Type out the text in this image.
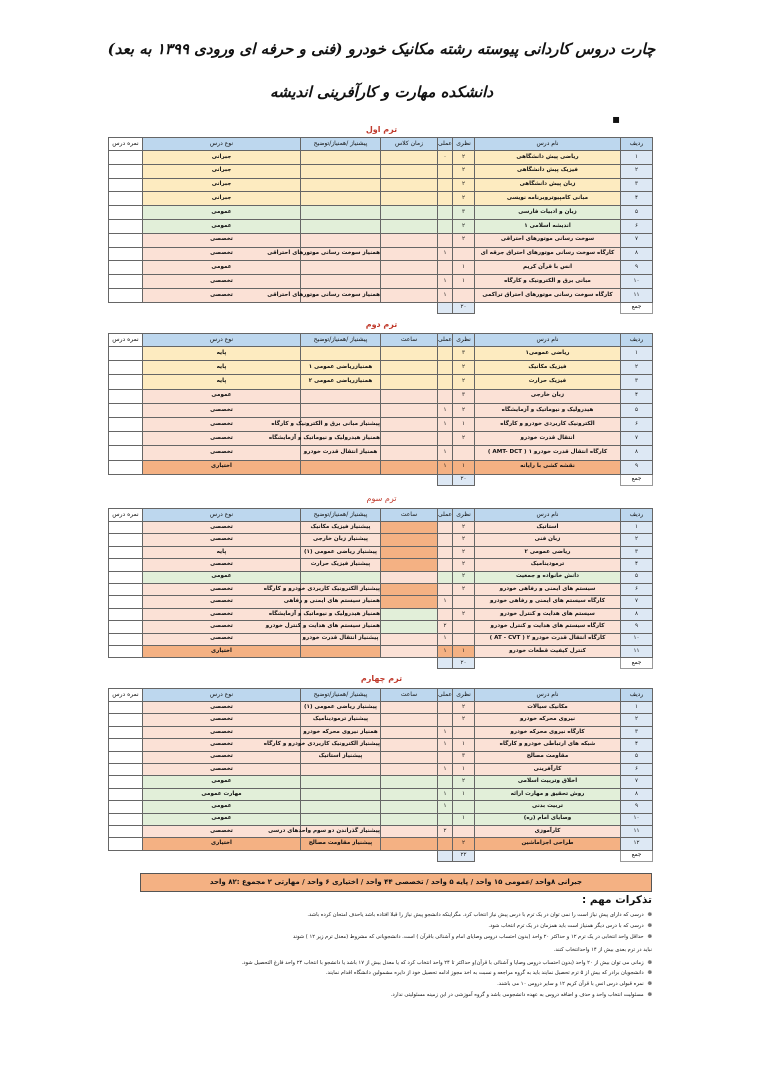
چارت دروس کاردانی پیوسته رشته مکانیک خودرو (فنی و حرفه ای ورودی ۱۳۹۹ به بعد)
دانشکده مهارت و کارآفرینی اندیشه
▪
ترم اول
ردیف	نام درس	نظری	عملی	زمان کلاس	پیشنیاز /همنیاز/توضیح	نوع درس	نمره درس
۱	ریاضی پیش دانشگاهی	۲	۰			جبرانی	
۲	فیزیک پیش دانشگاهی	۲				جبرانی	
۳	زبان پیش دانشگاهی	۲				جبرانی	
۴	مبانی کامپیوتروبرنامه نویسی	۲				جبرانی	
۵	زبان و ادبیات فارسی	۳				عمومی	
۶	اندیشه اسلامی ۱	۲				عمومی	
۷	سوخت رسانی موتورهای احتراقی	۲				تخصصی	
۸	کارگاه سوخت رسانی موتورهای احتراق جرقه ای		۱		همنیاز سوخت رسانی موتورهای احتراقی	تخصصی	
۹	انس با قرآن کریم	۱				عمومی	
۱۰	مبانی برق و الکترونیک و کارگاه	۱	۱			تخصصی	
۱۱	کارگاه سوخت رسانی موتورهای احتراق تراکمی		۱		همنیاز سوخت رسانی موتورهای احتراقی	تخصصی	
جمع		۲۰					
ترم دوم
ردیف	نام درس	نظری	عملی	ساعت	پیشنیاز /همنیاز/توضیح	نوع درس	نمره درس
۱	ریاضی عمومی۱	۳				پایه	
۲	فیزیک مکانیک	۲			همنیازریاضی عمومی ۱	پایه	
۳	فیزیک حرارت	۲			همنیازریاضی عمومی ۲	پایه	
۴	زبان خارجی	۳				عمومی	
۵	هیدرولیک و نیوماتیک و آزمایشگاه	۲	۱			تخصصی	
۶	الکترونیک کاربردی خودرو و کارگاه	۱	۱		پیشنیاز مبانی برق و الکترونیک و کارگاه	تخصصی	
۷	انتقال قدرت خودرو	۲			همنیاز هیدرولیک و نیوماتیک و آزمایشگاه	تخصصی	
۸	کارگاه انتقال قدرت خودرو ۱ ( AMT- DCT )		۱		همنیاز انتقال قدرت خودرو	تخصصی	
۹	نقشه کشی با رایانه	۱	۱			اختیاری	
جمع		۲۰					
ترم سوم
ردیف	نام درس	نظری	عملی	ساعت	پیشنیاز /همنیاز/توضیح	نوع درس	نمره درس
۱	استاتیک	۲			پیشنیاز فیزیک مکانیک	تخصصی	
۲	زبان فنی	۲			پیشنیاز زبان خارجی	تخصصی	
۳	ریاضی عمومی ۲	۲			پیشنیاز ریاضی عمومی (۱)	پایه	
۴	ترمودینامیک	۲			پیشنیاز فیزیک حرارت	تخصصی	
۵	دانش خانواده و جمعیت	۲				عمومی	
۶	سیستم های ایمنی و رفاهی خودرو	۲			پیشنیاز الکترونیک کاربردی خودرو و کارگاه	تخصصی	
۷	کارگاه سیستم های ایمنی و رفاهی خودرو		۱		همنیاز سیستم های ایمنی و رفاهی	تخصصی	
۸	سیستم های هدایت و کنترل خودرو	۲			همنیاز هیدرولیک و نیوماتیک و آزمایشگاه	تخصصی	
۹	کارگاه سیستم های هدایت و کنترل خودرو		۲		همنیاز سیستم های هدایت و کنترل خودرو	تخصصی	
۱۰	کارگاه انتقال قدرت خودرو ۲ ( AT - CVT )		۱		پیشنیاز انتقال قدرت خودرو	تخصصی	
۱۱	کنترل کیفیت قطعات خودرو	۱	۱			اختیاری	
جمع		۲۰					
ترم چهارم
ردیف	نام درس	نظری	عملی	ساعت	پیشنیاز /همنیاز/توضیح	نوع درس	نمره درس
۱	مکانیک سیالات	۲			پیشنیاز ریاضی عمومی (۱)	تخصصی	
۲	نیروی محرکه خودرو	۲			پیشنیاز ترمودینامیک	تخصصی	
۳	کارگاه نیروی محرکه خودرو		۱		همنیاز نیروی محرکه خودرو	تخصصی	
۴	شبکه های ارتباطی خودرو و کارگاه	۱	۱		پیشنیاز الکترونیک کاربردی خودرو و کارگاه	تخصصی	
۵	مقاومت مصالح	۳			پیشنیاز استاتیک	تخصصی	
۶	کارآفرینی	۱	۱			تخصصی	
۷	اخلاق وتربیت اسلامی	۲				عمومی	
۸	روش تحقیق و مهارت ارائه	۱	۱			مهارت عمومی	
۹	تربیت بدنی		۱			عمومی	
۱۰	وصایای امام (ره)	۱				عمومی	
۱۱	کارآموزی		۲		پیشنیاز گذراندن دو سوم واحدهای درسی	تخصصی	
۱۲	طراحی اجزاماشین	۲			پیشنیاز مقاومت مصالح	اختیاری	
جمع		۲۲					
جبرانی ۸واحد /عمومی ۱۵ واحد / پایه ۵ واحد / تخصصی ۴۴ واحد / اختیاری ۶ واحد / مهارتی ۲ مجموع :۸۲ واحد
تذکرات مهم :
❁درسی که دارای پیش نیاز است را نمی توان در یک ترم با درس پیش نیاز انتخاب کرد. مگراینکه دانشجو پیش نیاز را قبلا افتاده باشد یاحذف امتحان کرده باشد.
❁درسی که با درس دیگر همنیاز است باید همزمان در یک ترم انتخاب شود.
❁حداقل واحد انتخابی در یک ترم ۱۲ و حداکثر ۲۰ واحد (بدون احتساب دروس وصایای امام و آشنائی باقرآن ) است. دانشجویانی که مشروط (معدل ترم زیر ۱۲ ) شوند
نباید در ترم بعدی بیش از ۱۴ واحدانتخاب کنند.
❁زمانی می توان بیش از ۲۰ واحد (بدون احتساب دروس وصایا و آشنائی با قرآن)و حداکثر تا ۲۴ واحد انتخاب کرد که یا معدل بیش از ۱۷ باشد یا دانشجو با انتخاب ۲۴ واحد فارغ التحصیل شود.
❁دانشجویان برادر که بیش از ۵ ترم تحصیل نمایند باید به گروه مراجعه و نسبت به اخذ مجوز ادامه تحصیل خود از دایره مشمولین دانشگاه اقدام نمایند.
❁نمره قبولی درس انس با قرآن کریم ۱۲ و سایر دروس ۱۰ می باشند.
❁مسئولیت انتخاب واحد و حذف و اضافه دروس به عهده دانشجومی باشد و گروه آموزشی در این زمینه مسئولیتی ندارد.
